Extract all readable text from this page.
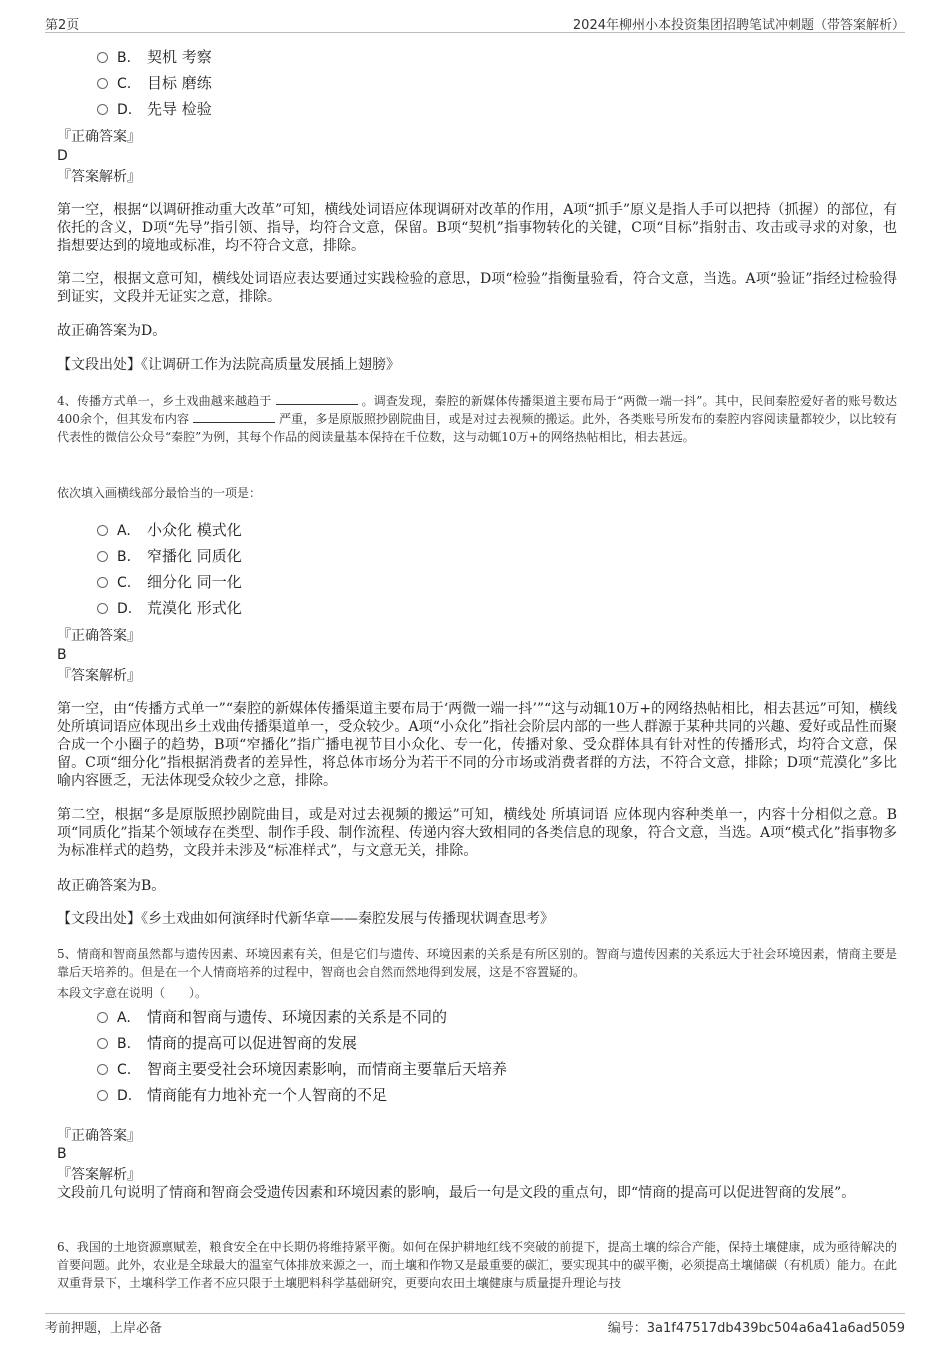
第2页	2024年柳州小本投资集团招聘笔试冲刺题（带答案解析）
B. 契机 考察
C. 目标 磨练
D. 先导 检验
『正确答案』
D
『答案解析』
第一空，根据“以调研推动重大改革”可知，横线处词语应体现调研对改革的作用，A项“抓手”原义是指人手可以把持（抓握）的部位，有依托的含义，D项“先导”指引领、指导，均符合文意，保留。B项“契机”指事物转化的关键，C项“目标”指射击、攻击或寻求的对象，也指想要达到的境地或标准，均不符合文意，排除。
第二空，根据文意可知，横线处词语应表达要通过实践检验的意思，D项“检验”指衡量验看，符合文意，当选。A项“验证”指经过检验得到证实，文段并无证实之意，排除。
故正确答案为D。
【文段出处】《让调研工作为法院高质量发展插上翅膀》
4、传播方式单一，乡土戏曲越来越趋于	。调查发现，秦腔的新媒体传播渠道主要布局于“两微一端一抖”。其中，民间秦腔爱好者的账号数达400余个，但其发布内容	严重，多是原版照抄剧院曲目，或是对过去视频的搬运。此外，各类账号所发布的秦腔内容阅读量都较少，以比较有代表性的微信公众号“秦腔”为例，其每个作品的阅读量基本保持在千位数，这与动辄10万+的网络热帖相比，相去甚远。
依次填入画横线部分最恰当的一项是：
A. 小众化 模式化
B. 窄播化 同质化
C. 细分化 同一化
D. 荒漠化 形式化
『正确答案』
B
『答案解析』
第一空，由“传播方式单一”“秦腔的新媒体传播渠道主要布局于‘两微一端一抖’”“这与动辄10万+的网络热帖相比，相去甚远”可知，横线处所填词语应体现出乡土戏曲传播渠道单一，受众较少。A项“小众化”指社会阶层内部的一些人群源于某种共同的兴趣、爱好或品性而聚合成一个小圈子的趋势，B项“窄播化”指广播电视节目小众化、专一化，传播对象、受众群体具有针对性的传播形式，均符合文意，保留。C项“细分化”指根据消费者的差异性，将总体市场分为若干不同的分市场或消费者群的方法，不符合文意，排除；D项“荒漠化”多比喻内容匮乏，无法体现受众较少之意，排除。
第二空，根据“多是原版照抄剧院曲目，或是对过去视频的搬运”可知，横线处 所填词语 应体现内容种类单一，内容十分相似之意。B项“同质化”指某个领域存在类型、制作手段、制作流程、传递内容大致相同的各类信息的现象，符合文意，当选。A项“模式化”指事物多为标准样式的趋势，文段并未涉及“标准样式”，与文意无关，排除。
故正确答案为B。
【文段出处】《乡土戏曲如何演绎时代新华章——秦腔发展与传播现状调查思考》
5、情商和智商虽然都与遗传因素、环境因素有关，但是它们与遗传、环境因素的关系是有所区别的。智商与遗传因素的关系远大于社会环境因素，情商主要是靠后天培养的。但是在一个人情商培养的过程中，智商也会自然而然地得到发展，这是不容置疑的。
本段文字意在说明（　　）。
A. 情商和智商与遗传、环境因素的关系是不同的
B. 情商的提高可以促进智商的发展
C. 智商主要受社会环境因素影响，而情商主要靠后天培养
D. 情商能有力地补充一个人智商的不足
『正确答案』
B
『答案解析』
文段前几句说明了情商和智商会受遗传因素和环境因素的影响，最后一句是文段的重点句，即“情商的提高可以促进智商的发展”。
6、我国的土地资源禀赋差，粮食安全在中长期仍将维持紧平衡。如何在保护耕地红线不突破的前提下，提高土壤的综合产能，保持土壤健康，成为亟待解决的首要问题。此外，农业是全球最大的温室气体排放来源之一，而土壤和作物又是最重要的碳汇，要实现其中的碳平衡，必须提高土壤储碳（有机质）能力。在此双重背景下，土壤科学工作者不应只限于土壤肥料科学基础研究，更要向农田土壤健康与质量提升理论与技
考前押题，上岸必备	编号：3a1f47517db439bc504a6a41a6ad5059
